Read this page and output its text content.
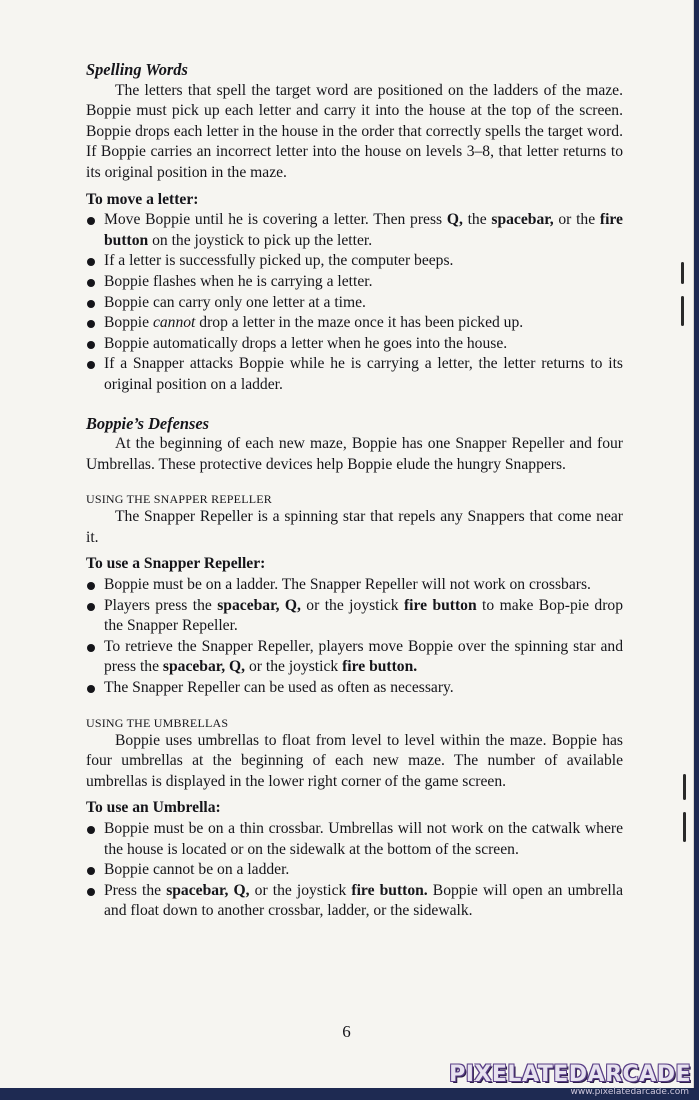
Spelling Words

The letters that spell the target word are positioned on the ladders of the maze. Boppie must pick up each letter and carry it into the house at the top of the screen. Boppie drops each letter in the house in the order that correctly spells the target word. If Boppie carries an incorrect letter into the house on levels 3–8, that letter returns to its original position in the maze.

To move a letter:

Move Boppie until he is covering a letter. Then press Q, the spacebar, or the fire button on the joystick to pick up the letter.
If a letter is successfully picked up, the computer beeps.
Boppie flashes when he is carrying a letter.
Boppie can carry only one letter at a time.
Boppie cannot drop a letter in the maze once it has been picked up.
Boppie automatically drops a letter when he goes into the house.
If a Snapper attacks Boppie while he is carrying a letter, the letter returns to its original position on a ladder.

Boppie’s Defenses

At the beginning of each new maze, Boppie has one Snapper Repeller and four Umbrellas. These protective devices help Boppie elude the hungry Snappers.

USING THE SNAPPER REPELLER

The Snapper Repeller is a spinning star that repels any Snappers that come near it.

To use a Snapper Repeller:

Boppie must be on a ladder. The Snapper Repeller will not work on crossbars.
Players press the spacebar, Q, or the joystick fire button to make Bop-pie drop the Snapper Repeller.
To retrieve the Snapper Repeller, players move Boppie over the spinning star and press the spacebar, Q, or the joystick fire button.
The Snapper Repeller can be used as often as necessary.

USING THE UMBRELLAS

Boppie uses umbrellas to float from level to level within the maze. Boppie has four umbrellas at the beginning of each new maze. The number of available umbrellas is displayed in the lower right corner of the game screen.

To use an Umbrella:

Boppie must be on a thin crossbar. Umbrellas will not work on the catwalk where the house is located or on the sidewalk at the bottom of the screen.
Boppie cannot be on a ladder.
Press the spacebar, Q, or the joystick fire button. Boppie will open an umbrella and float down to another crossbar, ladder, or the sidewalk.
6
PIXELATEDARCADE
www.pixelatedarcade.com
